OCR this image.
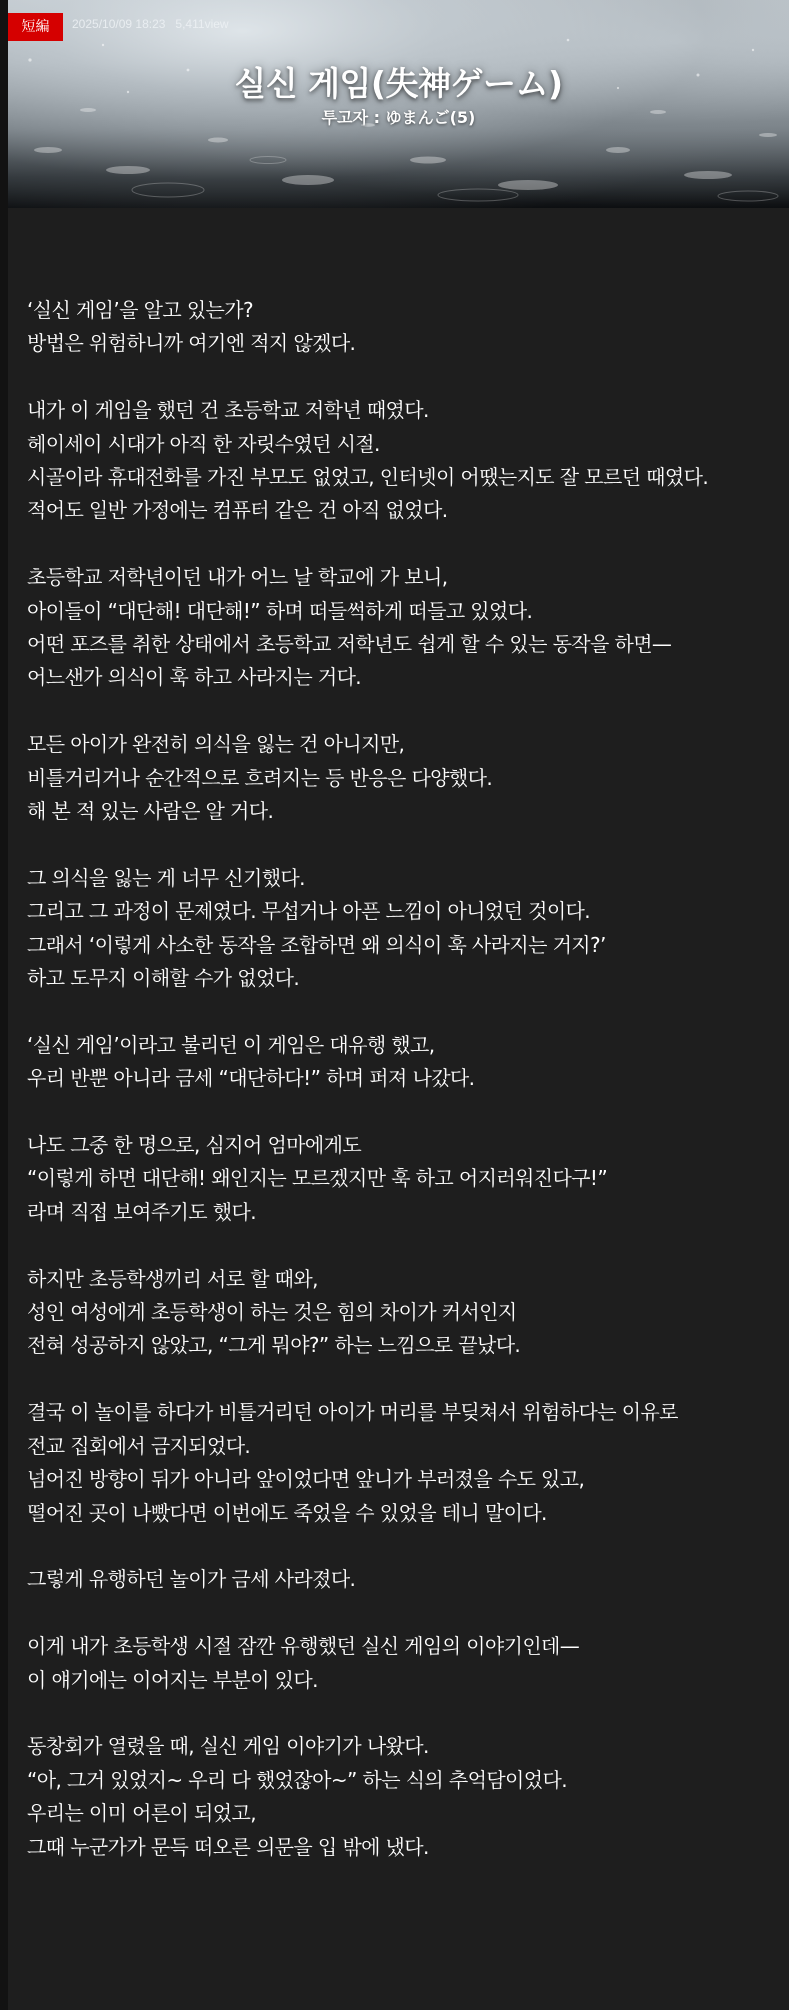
短編	2025/10/09 18:23 5,411view
실신 게임(失神ゲーム)
투고자 : ゆまんご(5)

‘실신 게임’을 알고 있는가?
방법은 위험하니까 여기엔 적지 않겠다.

내가 이 게임을 했던 건 초등학교 저학년 때였다.
헤이세이 시대가 아직 한 자릿수였던 시절.
시골이라 휴대전화를 가진 부모도 없었고, 인터넷이 어땠는지도 잘 모르던 때였다.
적어도 일반 가정에는 컴퓨터 같은 건 아직 없었다.

초등학교 저학년이던 내가 어느 날 학교에 가 보니,
아이들이 “대단해! 대단해!” 하며 떠들썩하게 떠들고 있었다.
어떤 포즈를 취한 상태에서 초등학교 저학년도 쉽게 할 수 있는 동작을 하면—
어느샌가 의식이 훅 하고 사라지는 거다.

모든 아이가 완전히 의식을 잃는 건 아니지만,
비틀거리거나 순간적으로 흐려지는 등 반응은 다양했다.
해 본 적 있는 사람은 알 거다.

그 의식을 잃는 게 너무 신기했다.
그리고 그 과정이 문제였다. 무섭거나 아픈 느낌이 아니었던 것이다.
그래서 ‘이렇게 사소한 동작을 조합하면 왜 의식이 훅 사라지는 거지?’
하고 도무지 이해할 수가 없었다.

‘실신 게임’이라고 불리던 이 게임은 대유행 했고,
우리 반뿐 아니라 금세 “대단하다!” 하며 퍼져 나갔다.

나도 그중 한 명으로, 심지어 엄마에게도
“이렇게 하면 대단해! 왜인지는 모르겠지만 훅 하고 어지러워진다구!”
라며 직접 보여주기도 했다.

하지만 초등학생끼리 서로 할 때와,
성인 여성에게 초등학생이 하는 것은 힘의 차이가 커서인지
전혀 성공하지 않았고, “그게 뭐야?” 하는 느낌으로 끝났다.

결국 이 놀이를 하다가 비틀거리던 아이가 머리를 부딪쳐서 위험하다는 이유로
전교 집회에서 금지되었다.
넘어진 방향이 뒤가 아니라 앞이었다면 앞니가 부러졌을 수도 있고,
떨어진 곳이 나빴다면 이번에도 죽었을 수 있었을 테니 말이다.

그렇게 유행하던 놀이가 금세 사라졌다.

이게 내가 초등학생 시절 잠깐 유행했던 실신 게임의 이야기인데—
이 얘기에는 이어지는 부분이 있다.

동창회가 열렸을 때, 실신 게임 이야기가 나왔다.
“아, 그거 있었지~ 우리 다 했었잖아~” 하는 식의 추억담이었다.
우리는 이미 어른이 되었고,
그때 누군가가 문득 떠오른 의문을 입 밖에 냈다.
